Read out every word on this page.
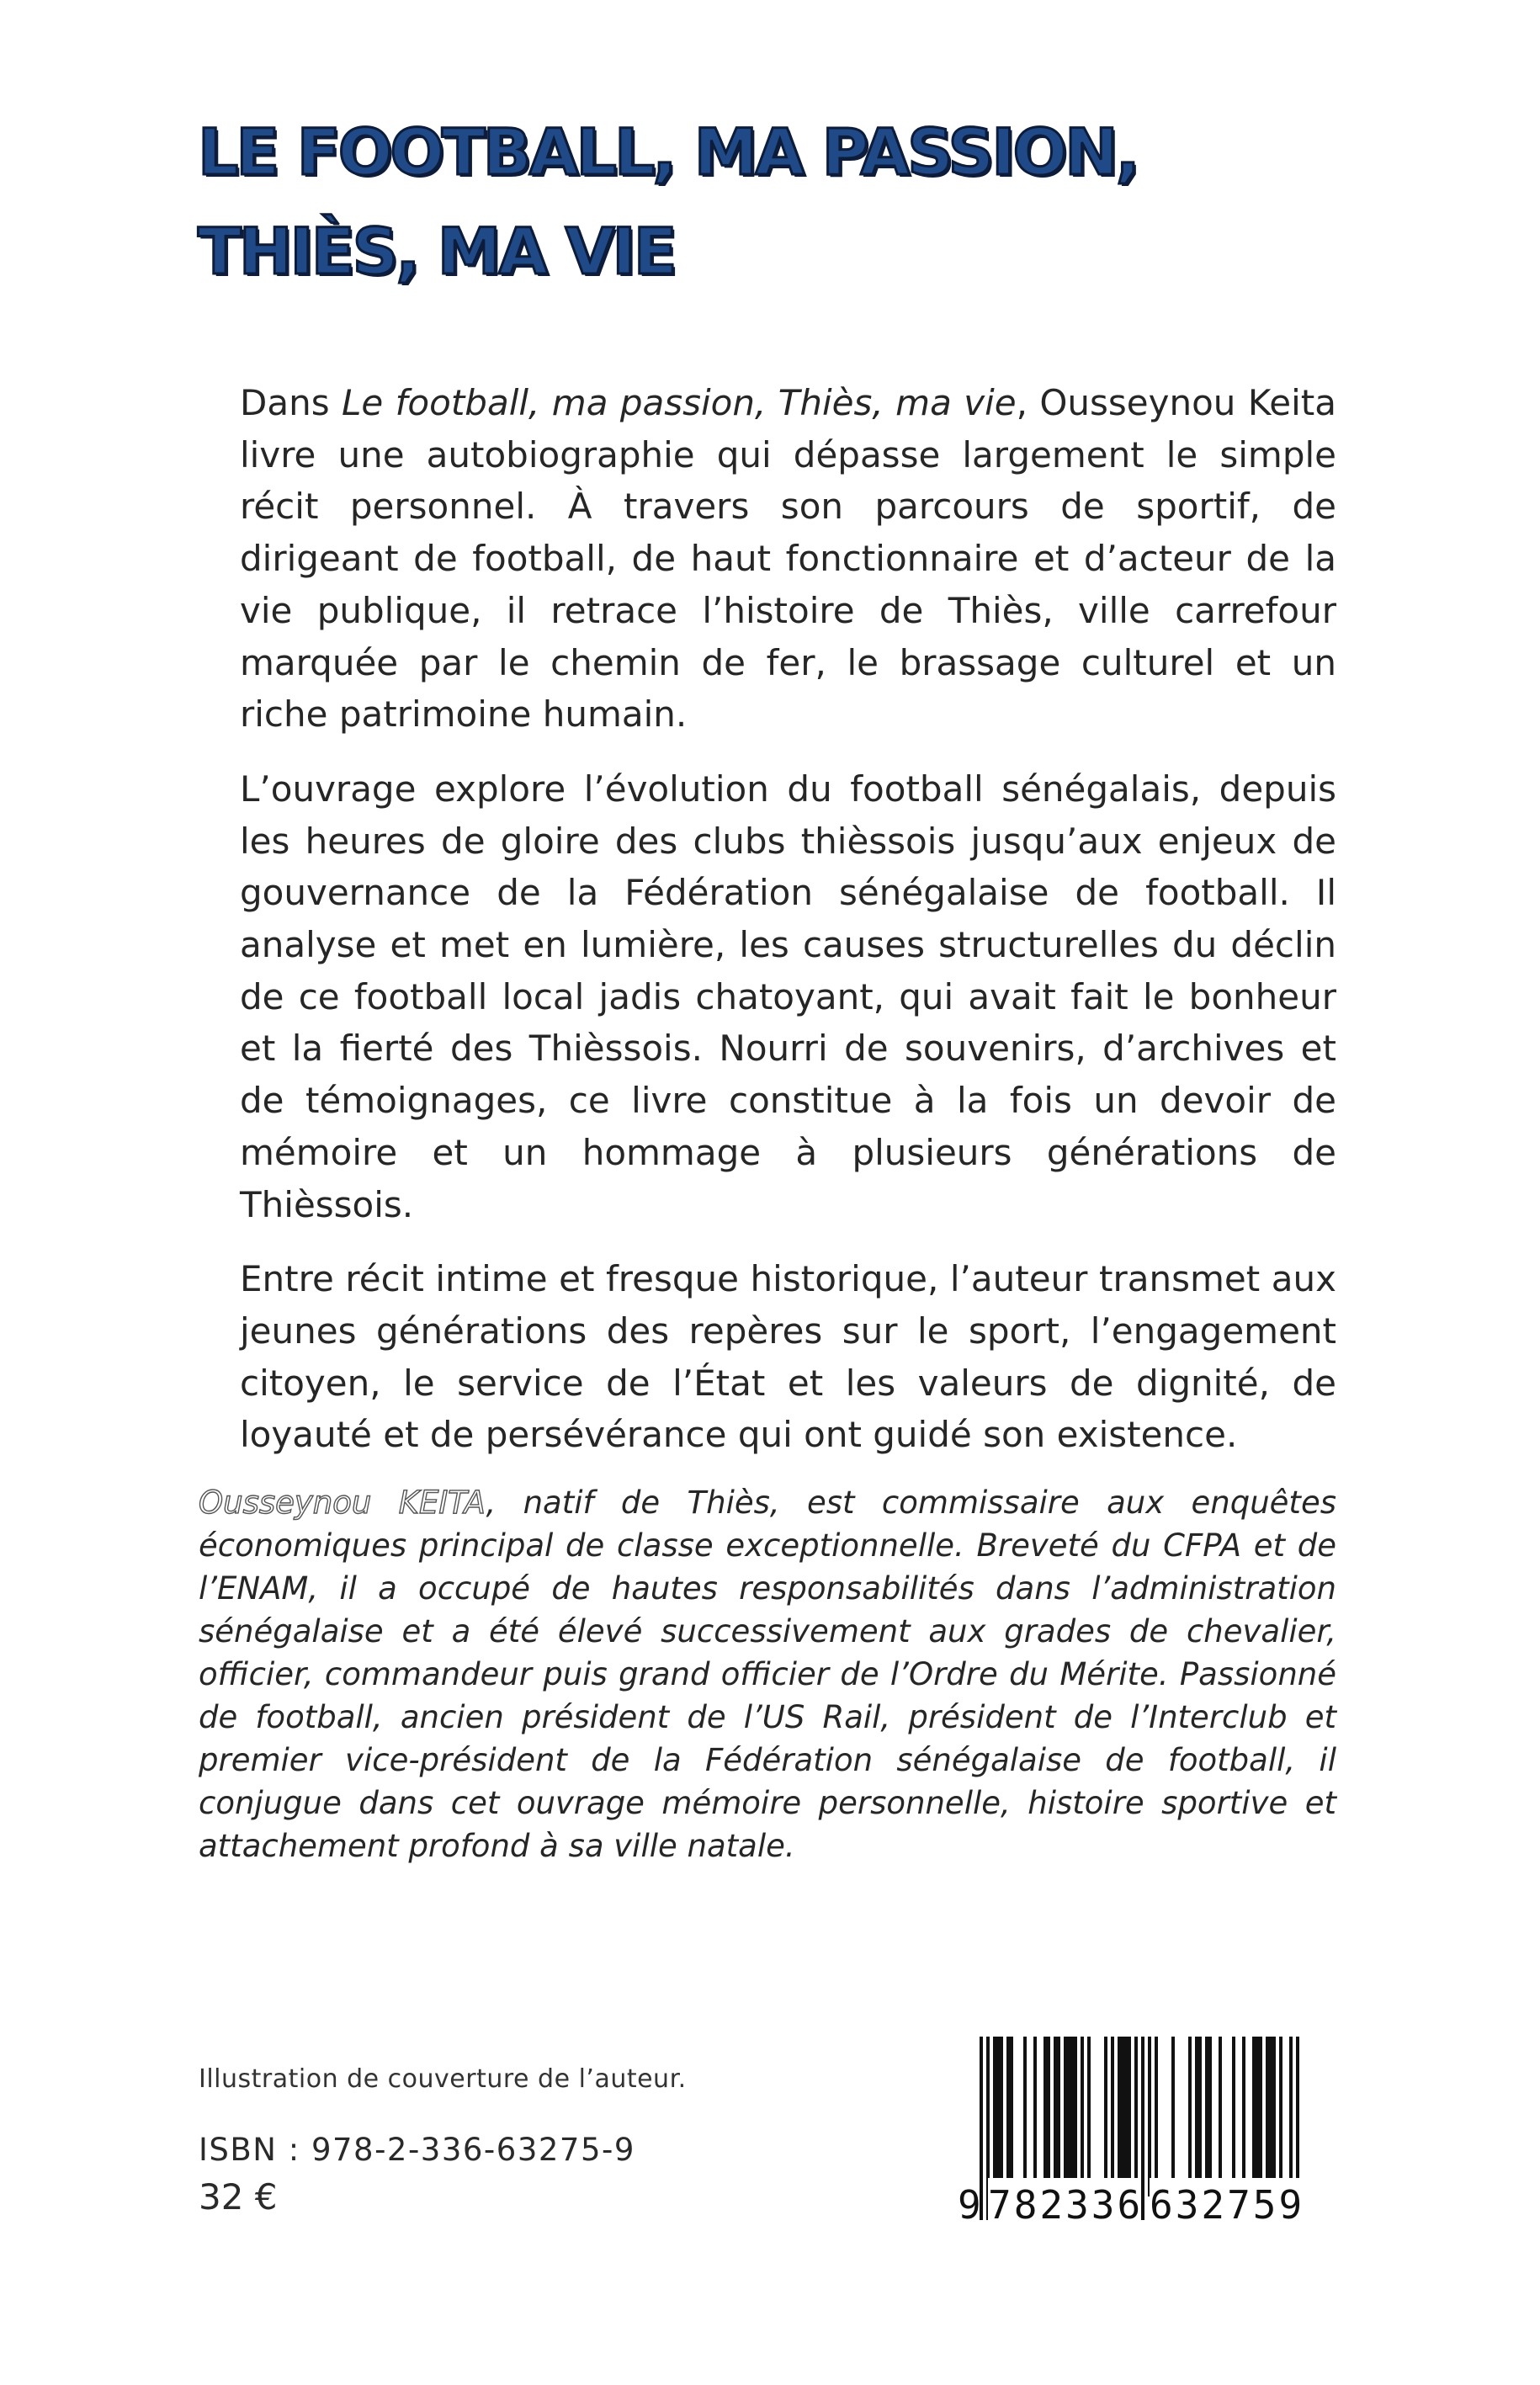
LE FOOTBALL, MA PASSION,
THIÈS, MA VIE

Dans Le football, ma passion, Thiès, ma vie, Ousseynou Keita livre une autobiographie qui dépasse largement le simple récit personnel. À travers son parcours de sportif, de dirigeant de football, de haut fonctionnaire et d’acteur de la vie publique, il retrace l’histoire de Thiès, ville carrefour marquée par le chemin de fer, le brassage culturel et un riche patrimoine humain.

L’ouvrage explore l’évolution du football sénégalais, depuis les heures de gloire des clubs thièssois jusqu’aux enjeux de gouvernance de la Fédération sénégalaise de football. Il analyse et met en lumière, les causes structurelles du déclin de ce football local jadis chatoyant, qui avait fait le bonheur et la fierté des Thièssois. Nourri de souvenirs, d’archives et de témoignages, ce livre constitue à la fois un devoir de mémoire et un hommage à plusieurs générations de Thièssois.

Entre récit intime et fresque historique, l’auteur transmet aux jeunes générations des repères sur le sport, l’engagement citoyen, le service de l’État et les valeurs de dignité, de loyauté et de persévérance qui ont guidé son existence.

Ousseynou KEITA, natif de Thiès, est commissaire aux enquêtes économiques principal de classe exceptionnelle. Breveté du CFPA et de l’ENAM, il a occupé de hautes responsabilités dans l’administration sénégalaise et a été élevé successivement aux grades de chevalier, officier, commandeur puis grand officier de l’Ordre du Mérite. Passionné de football, ancien président de l’US Rail, président de l’Interclub et premier vice-président de la Fédération sénégalaise de football, il conjugue dans cet ouvrage mémoire personnelle, histoire sportive et attachement profond à sa ville natale.

Illustration de couverture de l’auteur.
ISBN : 978-2-336-63275-9
32 €	9 782336 632759
